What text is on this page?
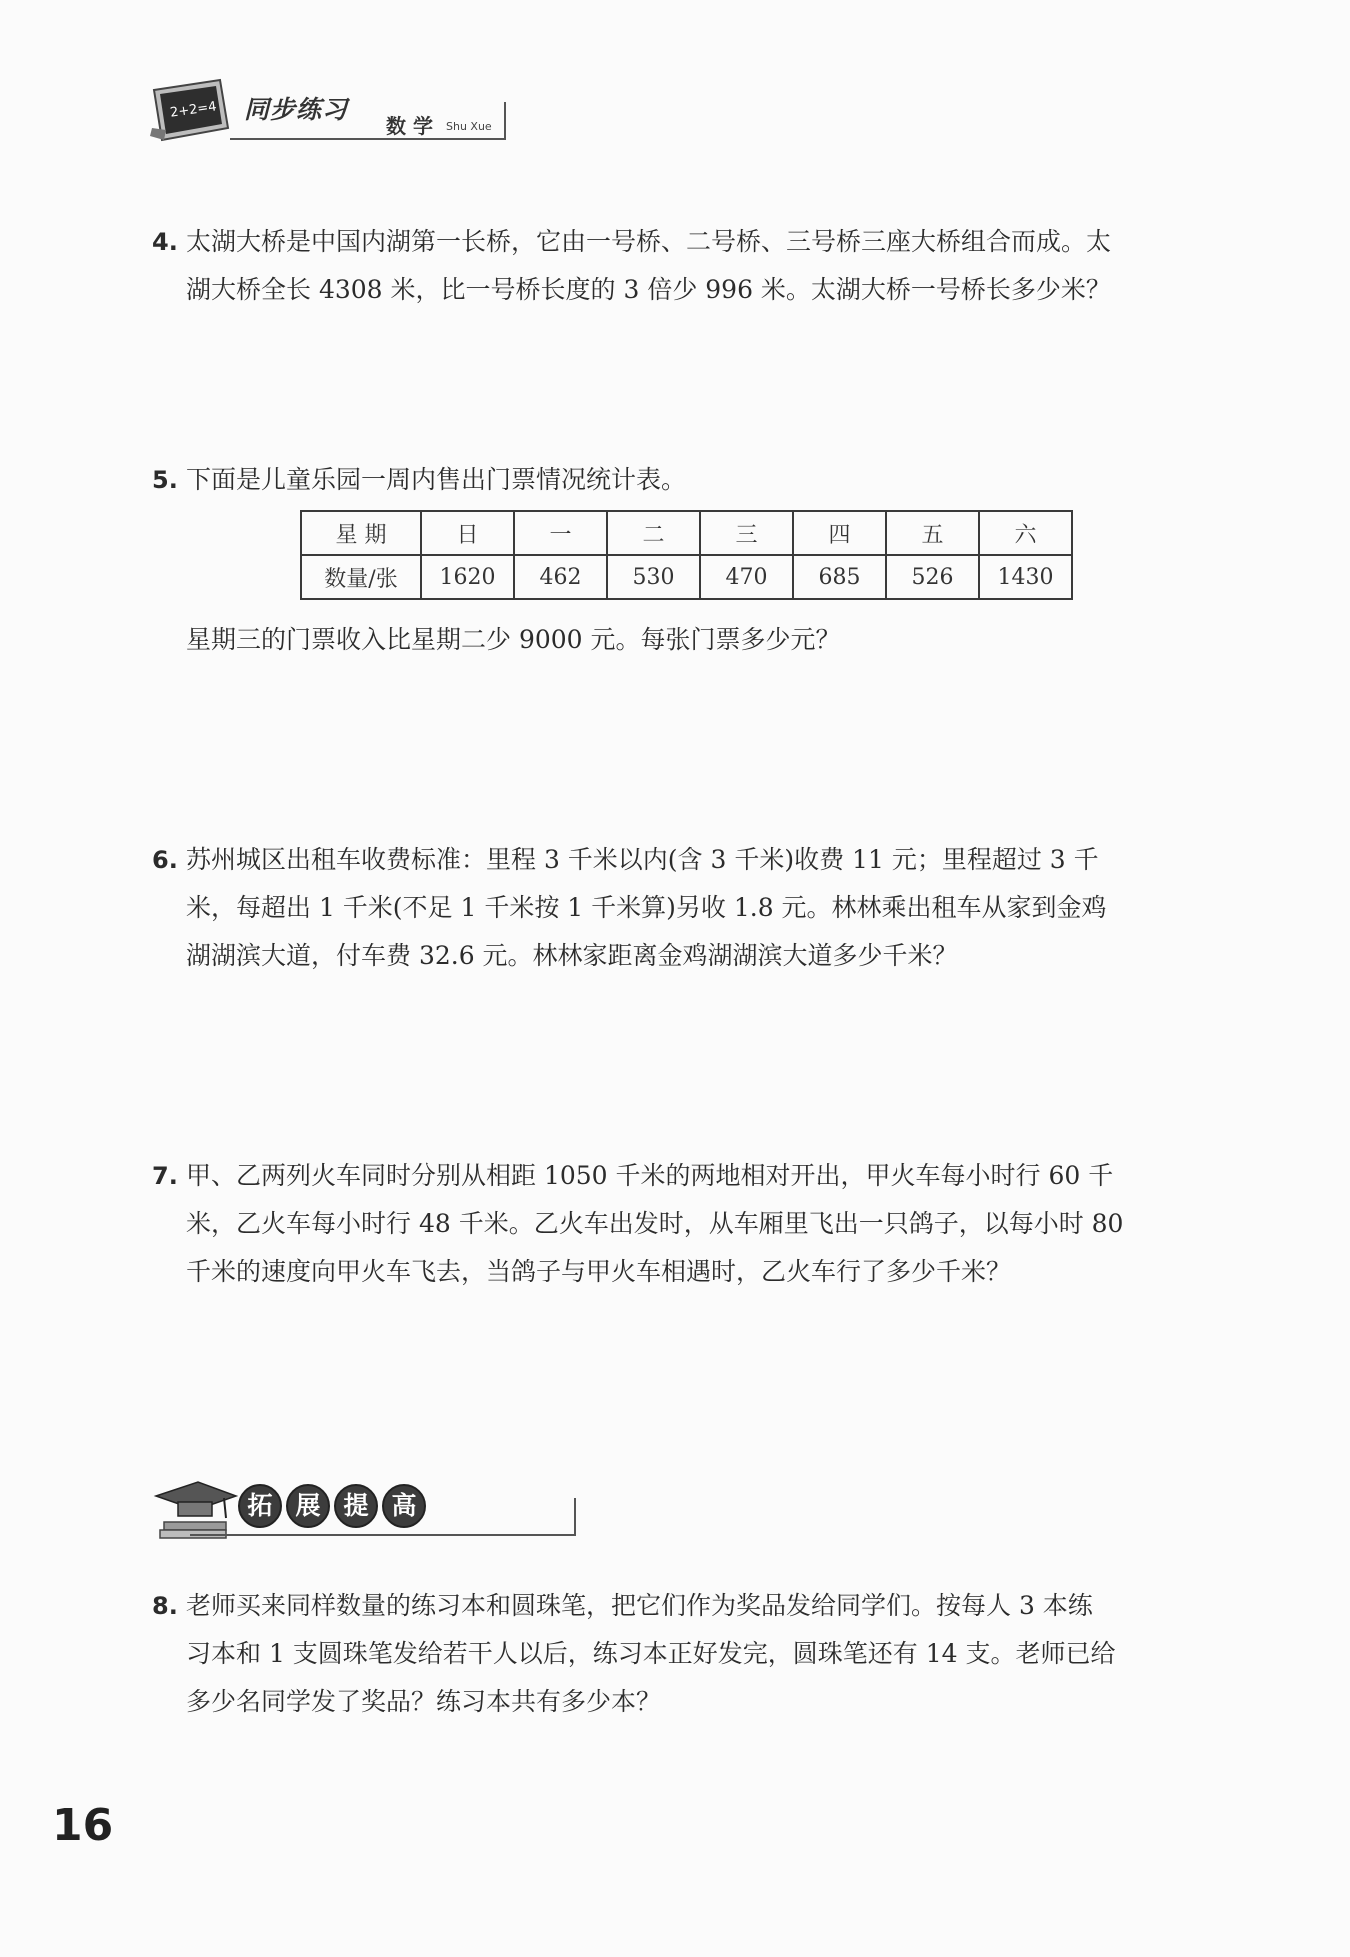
2+2=4 同步练习
数 学 Shu Xue
4. 太湖大桥是中国内湖第一长桥，它由一号桥、二号桥、三号桥三座大桥组合而成。太
湖大桥全长 4308 米，比一号桥长度的 3 倍少 996 米。太湖大桥一号桥长多少米？
5. 下面是儿童乐园一周内售出门票情况统计表。
星 期	日	一	二	三	四	五	六
数量/张	1620	462	530	470	685	526	1430
星期三的门票收入比星期二少 9000 元。每张门票多少元？
6. 苏州城区出租车收费标准：里程 3 千米以内(含 3 千米)收费 11 元；里程超过 3 千
米，每超出 1 千米(不足 1 千米按 1 千米算)另收 1.8 元。林林乘出租车从家到金鸡
湖湖滨大道，付车费 32.6 元。林林家距离金鸡湖湖滨大道多少千米？
7. 甲、乙两列火车同时分别从相距 1050 千米的两地相对开出，甲火车每小时行 60 千
米，乙火车每小时行 48 千米。乙火车出发时，从车厢里飞出一只鸽子，以每小时 80
千米的速度向甲火车飞去，当鸽子与甲火车相遇时，乙火车行了多少千米？
拓 展 提 高
8. 老师买来同样数量的练习本和圆珠笔，把它们作为奖品发给同学们。按每人 3 本练
习本和 1 支圆珠笔发给若干人以后，练习本正好发完，圆珠笔还有 14 支。老师已给
多少名同学发了奖品？练习本共有多少本？
16
